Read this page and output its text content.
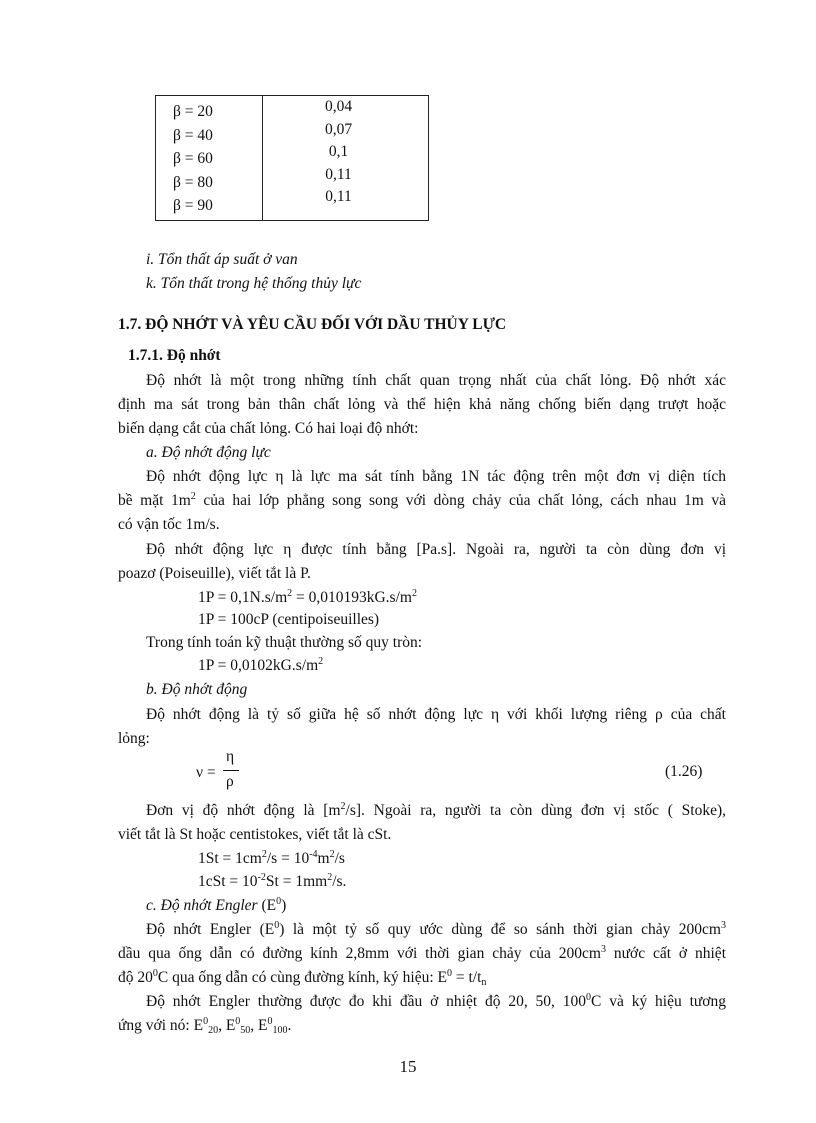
β = 20
β = 40
β = 60
β = 80
β = 90
0,04
0,07
0,1
0,11
0,11
i. Tổn thất áp suất ở van
k. Tổn thất trong hệ thống thủy lực
1.7. ĐỘ NHỚT VÀ YÊU CẦU ĐỐI VỚI DẦU THỦY LỰC
1.7.1. Độ nhớt
Độ nhớt là một trong những tính chất quan trọng nhất của chất lỏng. Độ nhớt xác
định ma sát trong bản thân chất lỏng và thể hiện khả năng chống biến dạng trượt hoặc
biến dạng cắt của chất lỏng. Có hai loại độ nhớt:
a. Độ nhớt động lực
Độ nhớt động lực η là lực ma sát tính bằng 1N tác động trên một đơn vị diện tích
bề mặt $1m^2$ của hai lớp phẳng song song với dòng chảy của chất lỏng, cách nhau 1m và
có vận tốc 1m/s.
Độ nhớt động lực η được tính bằng [Pa.s]. Ngoài ra, người ta còn dùng đơn vị
poazơ (Poiseuille), viết tắt là P.
$1P = 0,1N.s/m^2 = 0,010193kG.s/m^2$
1P = 100cP (centipoiseuilles)
Trong tính toán kỹ thuật thường số quy tròn:
$1P = 0,0102kG.s/m^2$
b. Độ nhớt động
Độ nhớt động là tỷ số giữa hệ số nhớt động lực η với khối lượng riêng ρ của chất
lỏng:
ν =
η
ρ
(1.26)
Đơn vị độ nhớt động là $[m^2/s]$. Ngoài ra, người ta còn dùng đơn vị stốc ( Stoke),
viết tắt là St hoặc centistokes, viết tắt là cSt.
$1St = 1cm^2/s = 10^{-4}m^2/s$
$1cSt = 10^{-2}St = 1mm^2/s$.
c. Độ nhớt Engler $(E^0)$
Độ nhớt Engler $(E^0)$ là một tỷ số quy ước dùng để so sánh thời gian chảy $200cm^3$
dầu qua ống dẫn có đường kính 2,8mm với thời gian chảy của $200cm^3$ nước cất ở nhiệt
độ $20^0C$ qua ống dẫn có cùng đường kính, ký hiệu: $E^0 = t/t_n$
Độ nhớt Engler thường được đo khi đầu ở nhiệt độ 20, 50, $100^0C$ và ký hiệu tương
ứng với nó: $E^0_{20}$, $E^0_{50}$, $E^0_{100}$.
15
